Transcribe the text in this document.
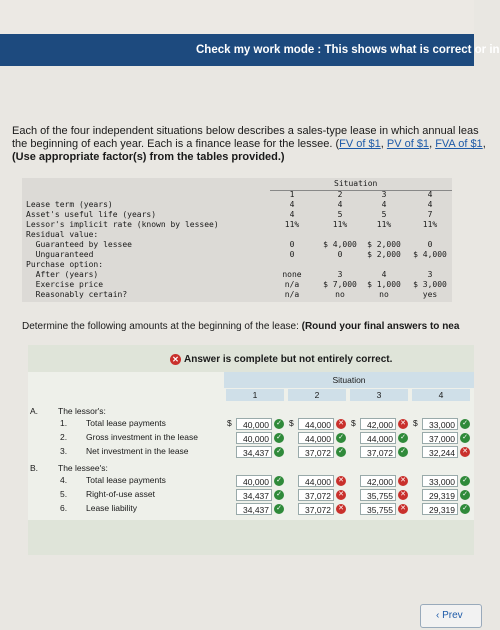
Check my work mode : This shows what is correct or in
Each of the four independent situations below describes a sales-type lease in which annual leas
the beginning of each year. Each is a finance lease for the lessee. (FV of $1, PV of $1, FVA of $1,
(Use appropriate factor(s) from the tables provided.)
Situation
1	2	3	4
Lease term (years)	4	4	4	4
Asset's useful life (years)	4	5	5	7
Lessor's implicit rate (known by lessee)	11%	11%	11%	11%
Residual value:
Guaranteed by lessee	0	$ 4,000	$ 2,000	0
Unguaranteed	0	0	$ 2,000	$ 4,000
Purchase option:
After (years)	none	3	4	3
Exercise price	n/a	$ 7,000	$ 1,000	$ 3,000
Reasonably certain?	n/a	no	no	yes
Determine the following amounts at the beginning of the lease: (Round your final answers to nea
✕ Answer is complete but not entirely correct.
Situation
1	2	3	4
A. The lessor's:
B. The lessee's:
1. Total lease payments	$	40,000	✓ $	44,000	✕ $	42,000	✕ $	33,000	✓
2. Gross investment in the lease	40,000	✓	44,000	✓	44,000	✓	37,000	✓
3. Net investment in the lease	34,437	✓	37,072	✓	37,072	✓	32,244	✕
4. Total lease payments	40,000	✓	44,000	✕	42,000	✕	33,000	✓
5. Right-of-use asset	34,437	✓	37,072	✕	35,755	✕	29,319	✓
6. Lease liability	34,437	✓	37,072	✕	35,755	✕	29,319	✓
‹ Prev
